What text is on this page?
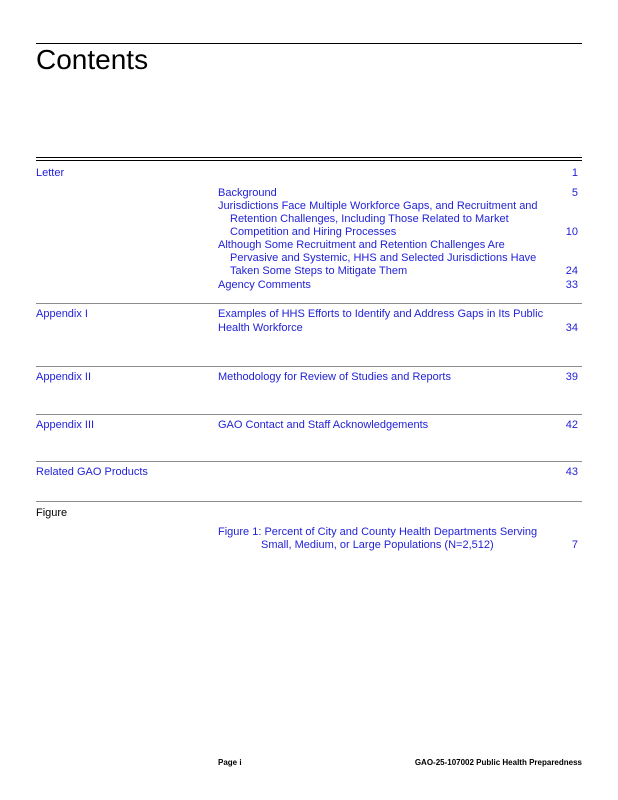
Contents
Letter	1
Background	5
Jurisdictions Face Multiple Workforce Gaps, and Recruitment and
Retention Challenges, Including Those Related to Market
Competition and Hiring Processes	10
Although Some Recruitment and Retention Challenges Are
Pervasive and Systemic, HHS and Selected Jurisdictions Have
Taken Some Steps to Mitigate Them	24
Agency Comments	33
Appendix I	Examples of HHS Efforts to Identify and Address Gaps in Its Public
Health Workforce	34
Appendix II	Methodology for Review of Studies and Reports	39
Appendix III	GAO Contact and Staff Acknowledgements	42
Related GAO Products	43
Figure
Figure 1: Percent of City and County Health Departments Serving
Small, Medium, or Large Populations (N=2,512)	7
Page i	GAO-25-107002 Public Health Preparedness
